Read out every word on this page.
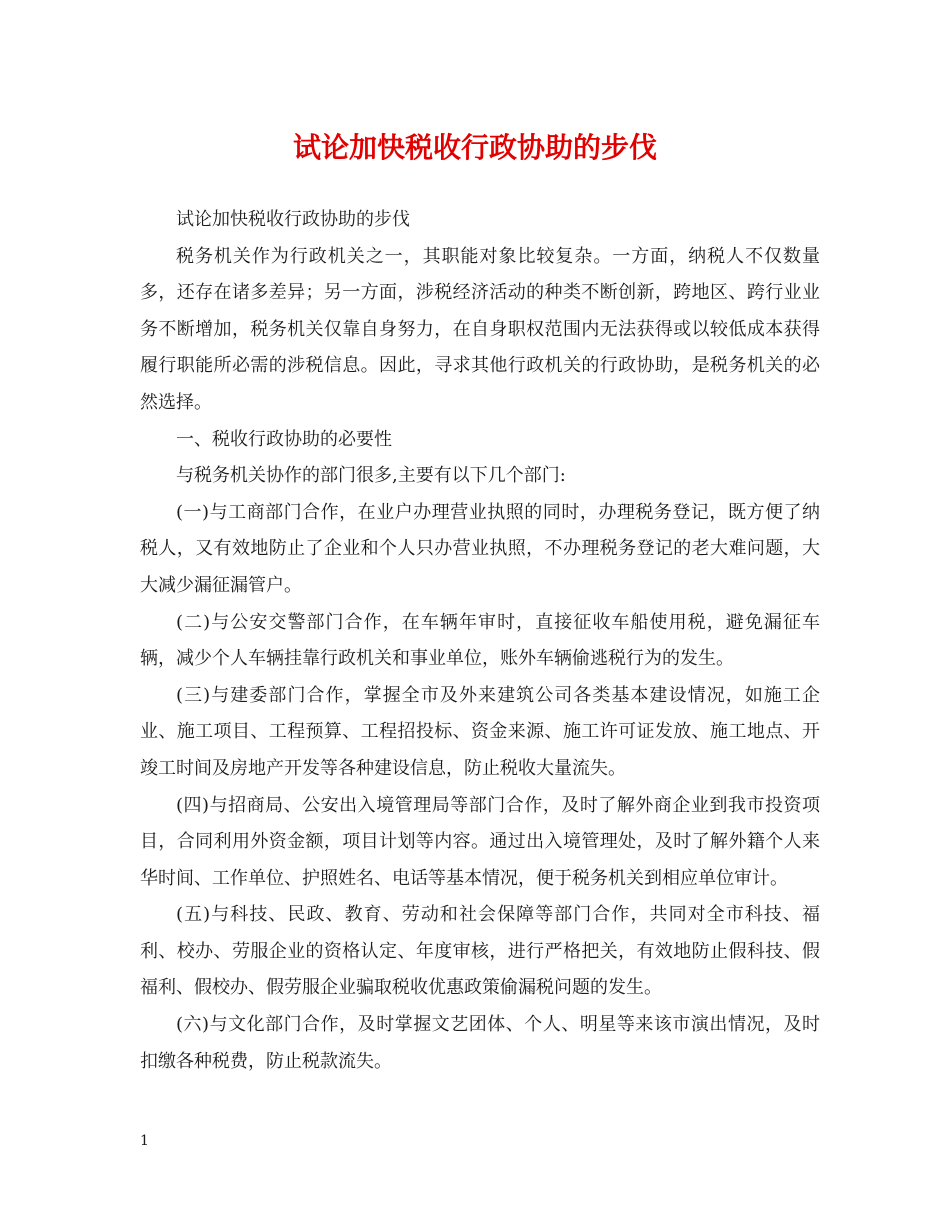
试论加快税收行政协助的步伐

试论加快税收行政协助的步伐

税务机关作为行政机关之一，其职能对象比较复杂。一方面，纳税人不仅数量多，还存在诸多差异；另一方面，涉税经济活动的种类不断创新，跨地区、跨行业业务不断增加，税务机关仅靠自身努力，在自身职权范围内无法获得或以较低成本获得履行职能所必需的涉税信息。因此，寻求其他行政机关的行政协助，是税务机关的必然选择。

一、税收行政协助的必要性

与税务机关协作的部门很多,主要有以下几个部门:

(一)与工商部门合作，在业户办理营业执照的同时，办理税务登记，既方便了纳税人，又有效地防止了企业和个人只办营业执照，不办理税务登记的老大难问题，大大减少漏征漏管户。

(二)与公安交警部门合作，在车辆年审时，直接征收车船使用税，避免漏征车辆，减少个人车辆挂靠行政机关和事业单位，账外车辆偷逃税行为的发生。

(三)与建委部门合作，掌握全市及外来建筑公司各类基本建设情况，如施工企业、施工项目、工程预算、工程招投标、资金来源、施工许可证发放、施工地点、开竣工时间及房地产开发等各种建设信息，防止税收大量流失。

(四)与招商局、公安出入境管理局等部门合作，及时了解外商企业到我市投资项目，合同利用外资金额，项目计划等内容。通过出入境管理处，及时了解外籍个人来华时间、工作单位、护照姓名、电话等基本情况，便于税务机关到相应单位审计。

(五)与科技、民政、教育、劳动和社会保障等部门合作，共同对全市科技、福利、校办、劳服企业的资格认定、年度审核，进行严格把关，有效地防止假科技、假福利、假校办、假劳服企业骗取税收优惠政策偷漏税问题的发生。

(六)与文化部门合作，及时掌握文艺团体、个人、明星等来该市演出情况，及时扣缴各种税费，防止税款流失。

1
